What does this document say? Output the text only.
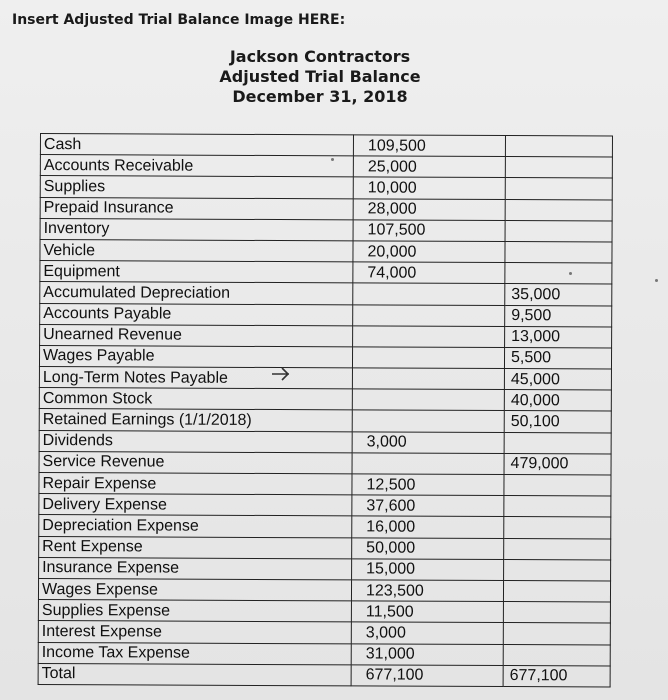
Insert Adjusted Trial Balance Image HERE:
Jackson Contractors
Adjusted Trial Balance
December 31, 2018
Cash	109,500	
Accounts Receivable	25,000	
Supplies	10,000	
Prepaid Insurance	28,000	
Inventory	107,500	
Vehicle	20,000	
Equipment	74,000	
Accumulated Depreciation		35,000
Accounts Payable		9,500
Unearned Revenue		13,000
Wages Payable		5,500
Long-Term Notes Payable		45,000
Common Stock		40,000
Retained Earnings (1/1/2018)		50,100
Dividends	3,000	
Service Revenue		479,000
Repair Expense	12,500	
Delivery Expense	37,600	
Depreciation Expense	16,000	
Rent Expense	50,000	
Insurance Expense	15,000	
Wages Expense	123,500	
Supplies Expense	11,500	
Interest Expense	3,000	
Income Tax Expense	31,000	
Total	677,100	677,100
